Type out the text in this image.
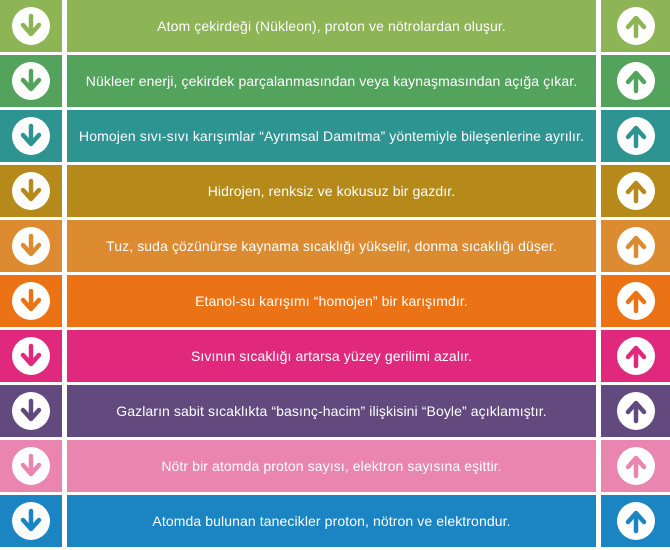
Atom çekirdeği (Nükleon), proton ve nötrolardan oluşur.
Nükleer enerji, çekirdek parçalanmasından veya kaynaşmasından açığa çıkar.
Homojen sıvı-sıvı karışımlar “Ayrımsal Damıtma” yöntemiyle bileşenlerine ayrılır.
Hidrojen, renksiz ve kokusuz bir gazdır.
Tuz, suda çözünürse kaynama sıcaklığı yükselir, donma sıcaklığı düşer.
Etanol-su karışımı “homojen” bir karışımdır.
Sıvının sıcaklığı artarsa yüzey gerilimi azalır.
Gazların sabit sıcaklıkta “basınç-hacim” ilişkisini “Boyle” açıklamıştır.
Nötr bir atomda proton sayısı, elektron sayısına eşittir.
Atomda bulunan tanecikler proton, nötron ve elektrondur.
